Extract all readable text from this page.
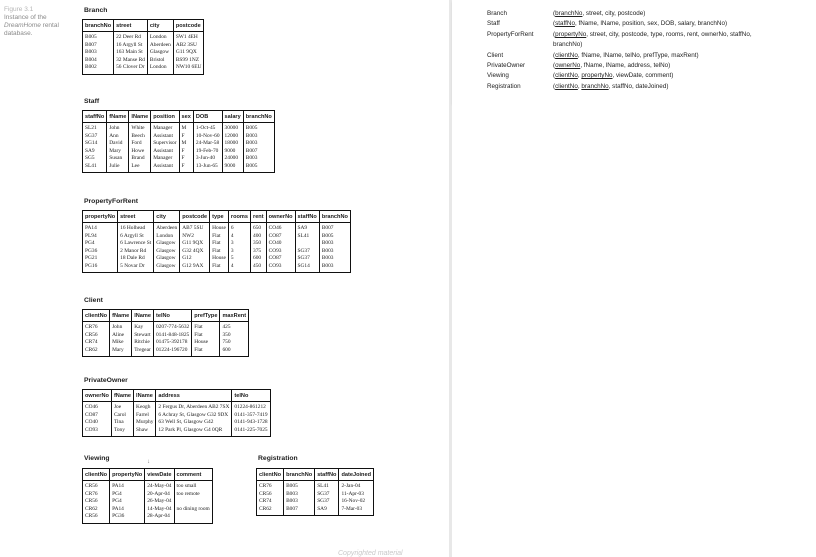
Figure 3.1
Instance of the DreamHome rental database.
Branch
branchNo	street	city	postcode
B005	22 Deer Rd	London	SW1 4EH
B007	16 Argyll St	Aberdeen	AB2 3SU
B003	163 Main St	Glasgow	G11 9QX
B004	32 Manse Rd	Bristol	BS99 1NZ
B002	56 Clover Dr	London	NW10 6EU
Staff
staffNo	fName	lName	position	sex	DOB	salary	branchNo
SL21	John	White	Manager	M	1-Oct-45	30000	B005
SG37	Ann	Beech	Assistant	F	10-Nov-60	12000	B003
SG14	David	Ford	Supervisor	M	24-Mar-58	18000	B003
SA9	Mary	Howe	Assistant	F	19-Feb-70	9000	B007
SG5	Susan	Brand	Manager	F	3-Jun-40	24000	B003
SL41	Julie	Lee	Assistant	F	13-Jun-65	9000	B005
PropertyForRent
propertyNo	street	city	postcode	type	rooms	rent	ownerNo	staffNo	branchNo
PA14	16 Holhead	Aberdeen	AB7 5SU	House	6	650	CO46	SA9	B007
PL94	6 Argyll St	London	NW2	Flat	4	400	CO87	SL41	B005
PG4	6 Lawrence St	Glasgow	G11 9QX	Flat	3	350	CO40		B003
PG36	2 Manor Rd	Glasgow	G32 4QX	Flat	3	375	CO93	SG37	B003
PG21	18 Dale Rd	Glasgow	G12	House	5	600	CO87	SG37	B003
PG16	5 Novar Dr	Glasgow	G12 9AX	Flat	4	450	CO93	SG14	B003
Client
clientNo	fName	lName	telNo	prefType	maxRent
CR76	John	Kay	0207-774-5632	Flat	425
CR56	Aline	Stewart	0141-848-1825	Flat	350
CR74	Mike	Ritchie	01475-392178	House	750
CR62	Mary	Tregear	01224-196720	Flat	600
PrivateOwner
ownerNo	fName	lName	address	telNo
CO46	Joe	Keogh	2 Fergus Dr, Aberdeen AB2 7SX	01224-861212
CO87	Carol	Farrel	6 Achray St, Glasgow G32 9DX	0141-357-7419
CO40	Tina	Murphy	63 Well St, Glasgow G42	0141-943-1728
CO93	Tony	Shaw	12 Park Pl, Glasgow G4 0QR	0141-225-7025
Viewing	↓
clientNo	propertyNo	viewDate	comment
CR56	PA14	24-May-04	too small
CR76	PG4	20-Apr-04	too remote
CR56	PG4	26-May-04	
CR62	PA14	14-May-04	no dining room
CR56	PG36	28-Apr-04	
Registration
clientNo	branchNo	staffNo	dateJoined
CR76	B005	SL41	2-Jan-04
CR56	B003	SG37	11-Apr-03
CR74	B003	SG37	16-Nov-02
CR62	B007	SA9	7-Mar-03
Copyrighted material
Branch	(branchNo, street, city, postcode)
Staff	(staffNo, fName, lName, position, sex, DOB, salary, branchNo)
PropertyForRent	(propertyNo, street, city, postcode, type, rooms, rent, ownerNo, staffNo, branchNo)
Client	(clientNo, fName, lName, telNo, prefType, maxRent)
PrivateOwner	(ownerNo, fName, lName, address, telNo)
Viewing	(clientNo, propertyNo, viewDate, comment)
Registration	(clientNo, branchNo, staffNo, dateJoined)
